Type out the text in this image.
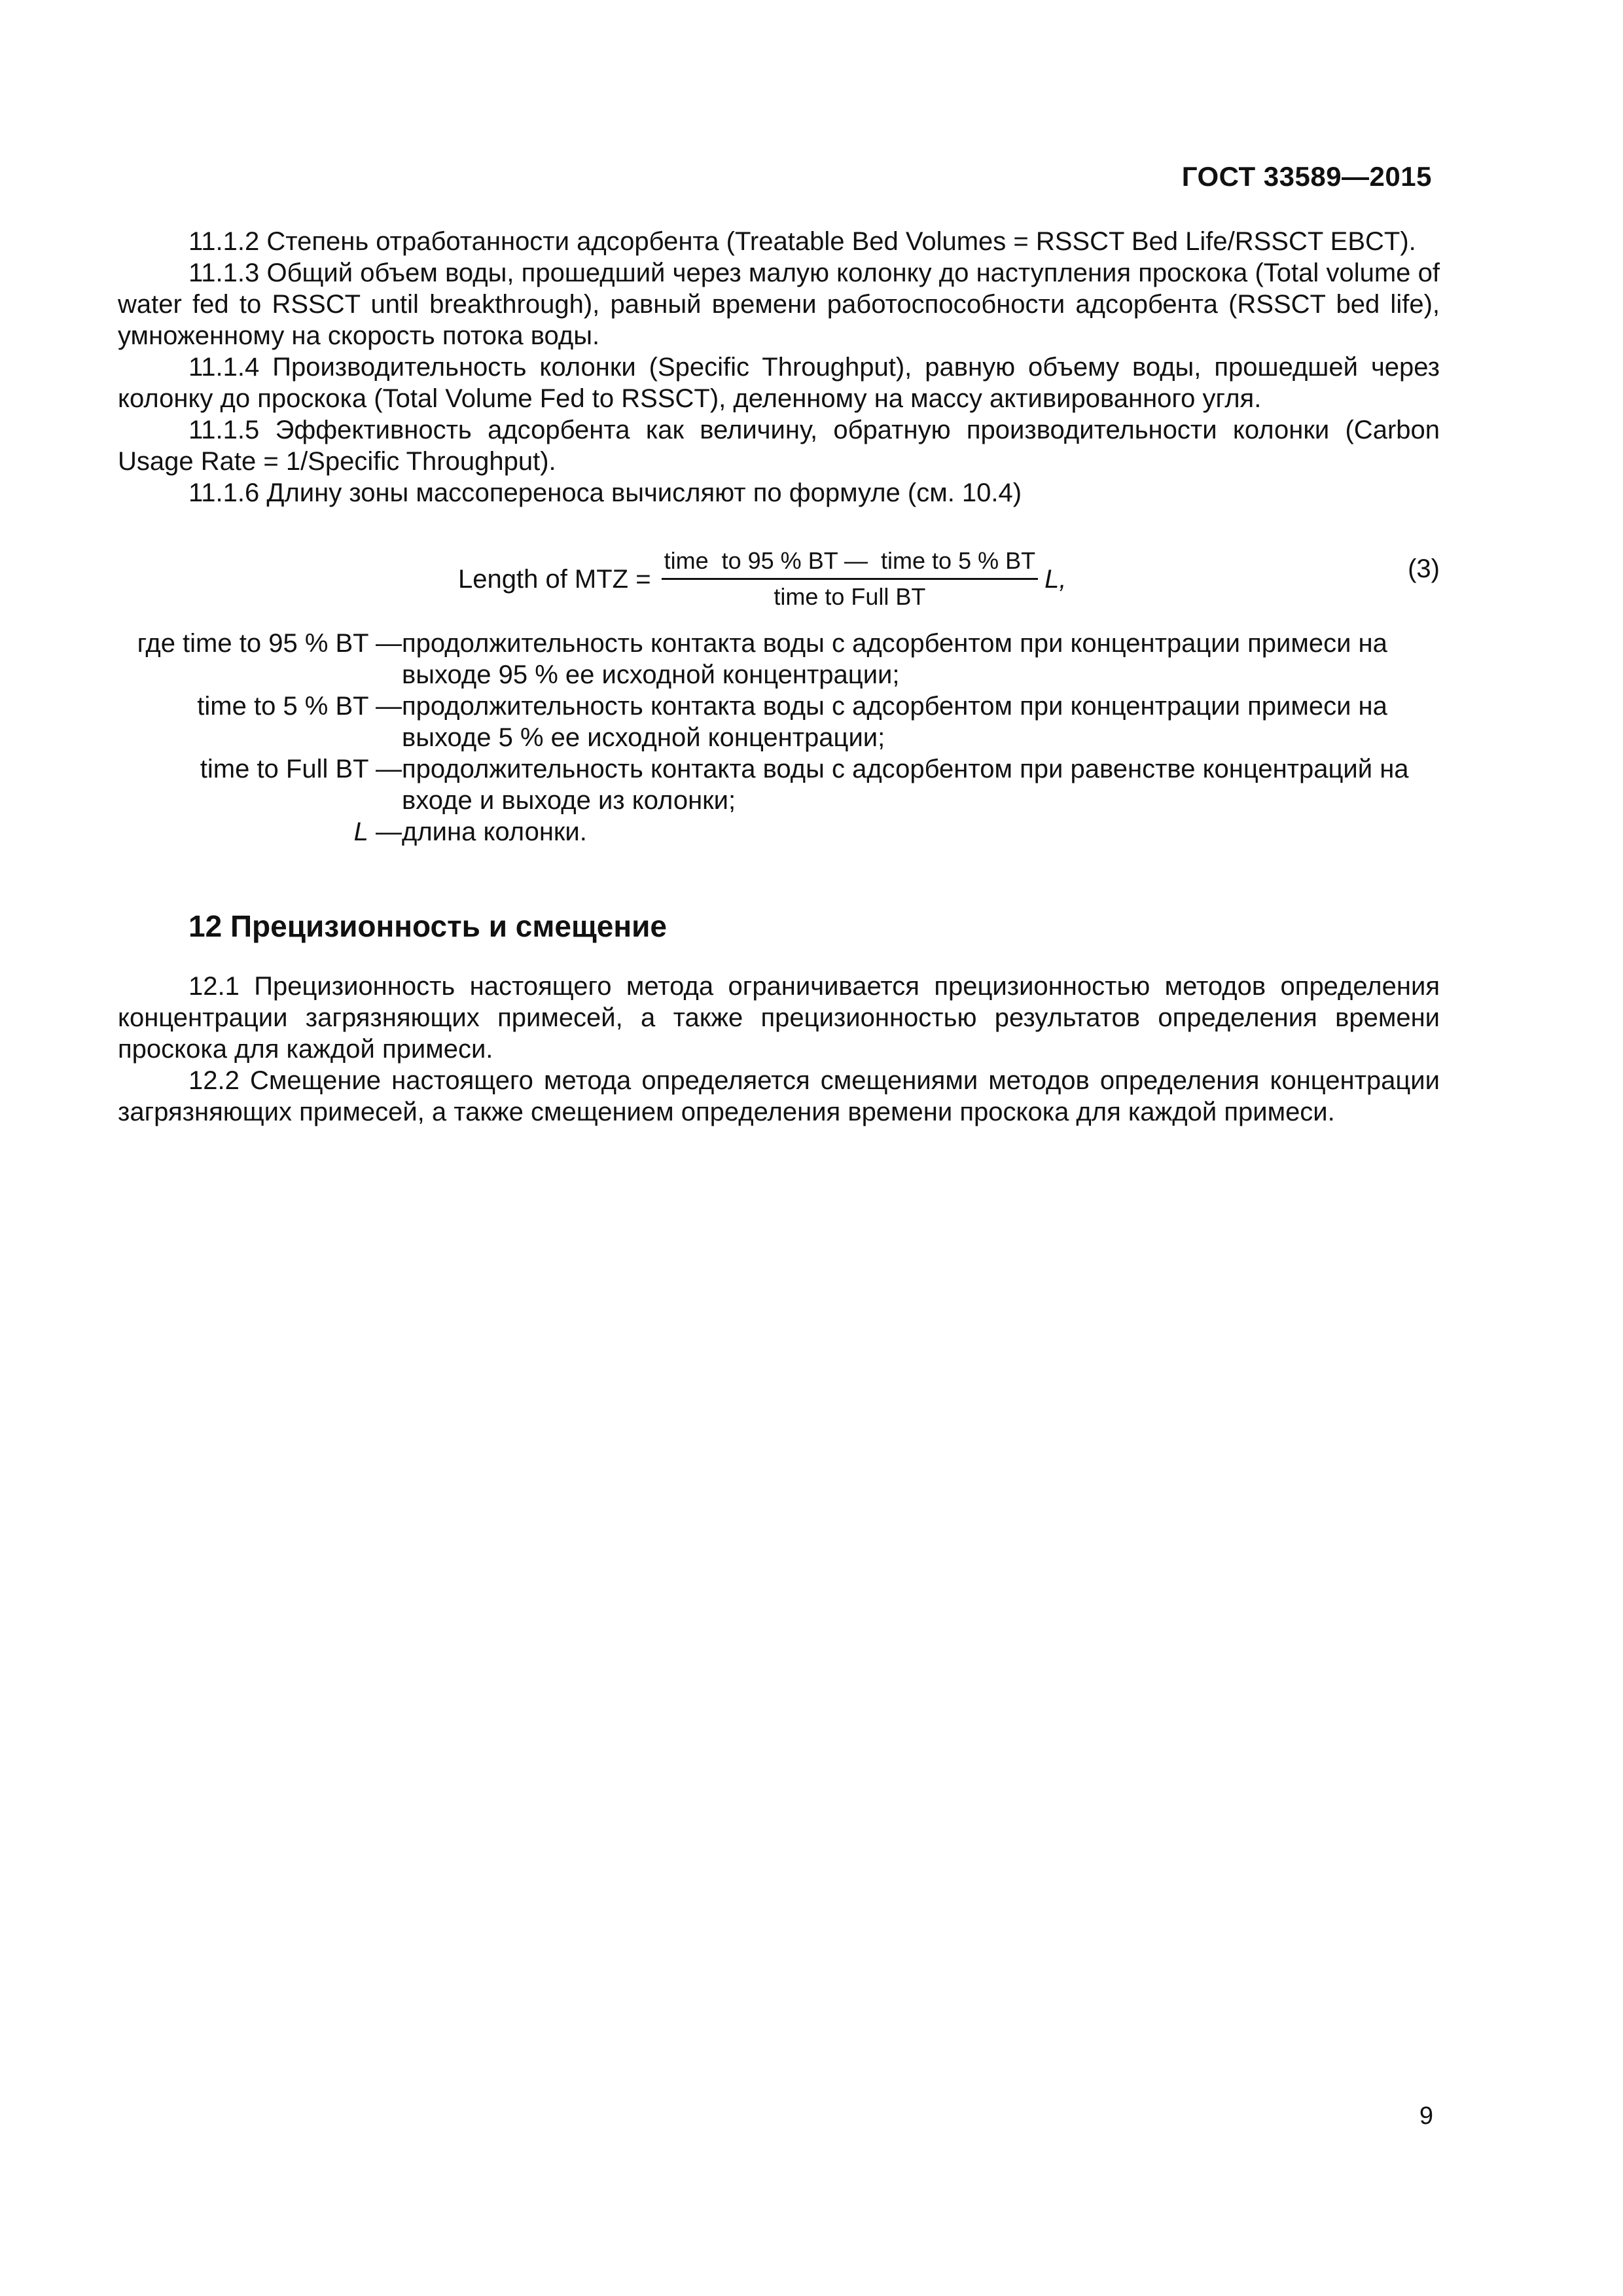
ГОСТ 33589—2015

11.1.2 Степень отработанности адсорбента (Treatable Bed Volumes = RSSCT Bed Life/RSSCT EBCT).

11.1.3 Общий объем воды, прошедший через малую колонку до наступления проскока (Total volume of water fed to RSSCT until breakthrough), равный времени работоспособности адсорбента (RSSCT bed life), умноженному на скорость потока воды.

11.1.4 Производительность колонки (Specific Throughput), равную объему воды, прошедшей через колонку до проскока (Total Volume Fed to RSSCT), деленному на массу активированного угля.

11.1.5 Эффективность адсорбента как величину, обратную производительности колонки (Carbon Usage Rate = 1/Specific Throughput).

11.1.6 Длину зоны массопереноса вычисляют по формуле (см. 10.4)

Length of MTZ = $\frac{\text{time  to 95 \% BT —  time to 5 \% BT}}{\text{time to Full BT}} L$,	(3)
где time to 95 % BT — продолжительность контакта воды с адсорбентом при концентрации примеси на выходе 95 % ее исходной концентрации;
time to 5 % BT — продолжительность контакта воды с адсорбентом при концентрации примеси на выходе 5 % ее исходной концентрации;
time to Full BT — продолжительность контакта воды с адсорбентом при равенстве концентраций на входе и выходе из колонки;
L — длина колонки.
12 Прецизионность и смещение

12.1 Прецизионность настоящего метода ограничивается прецизионностью методов определения концентрации загрязняющих примесей, а также прецизионностью результатов определения времени проскока для каждой примеси.

12.2 Смещение настоящего метода определяется смещениями методов определения концентрации загрязняющих примесей, а также смещением определения времени проскока для каждой примеси.

9
